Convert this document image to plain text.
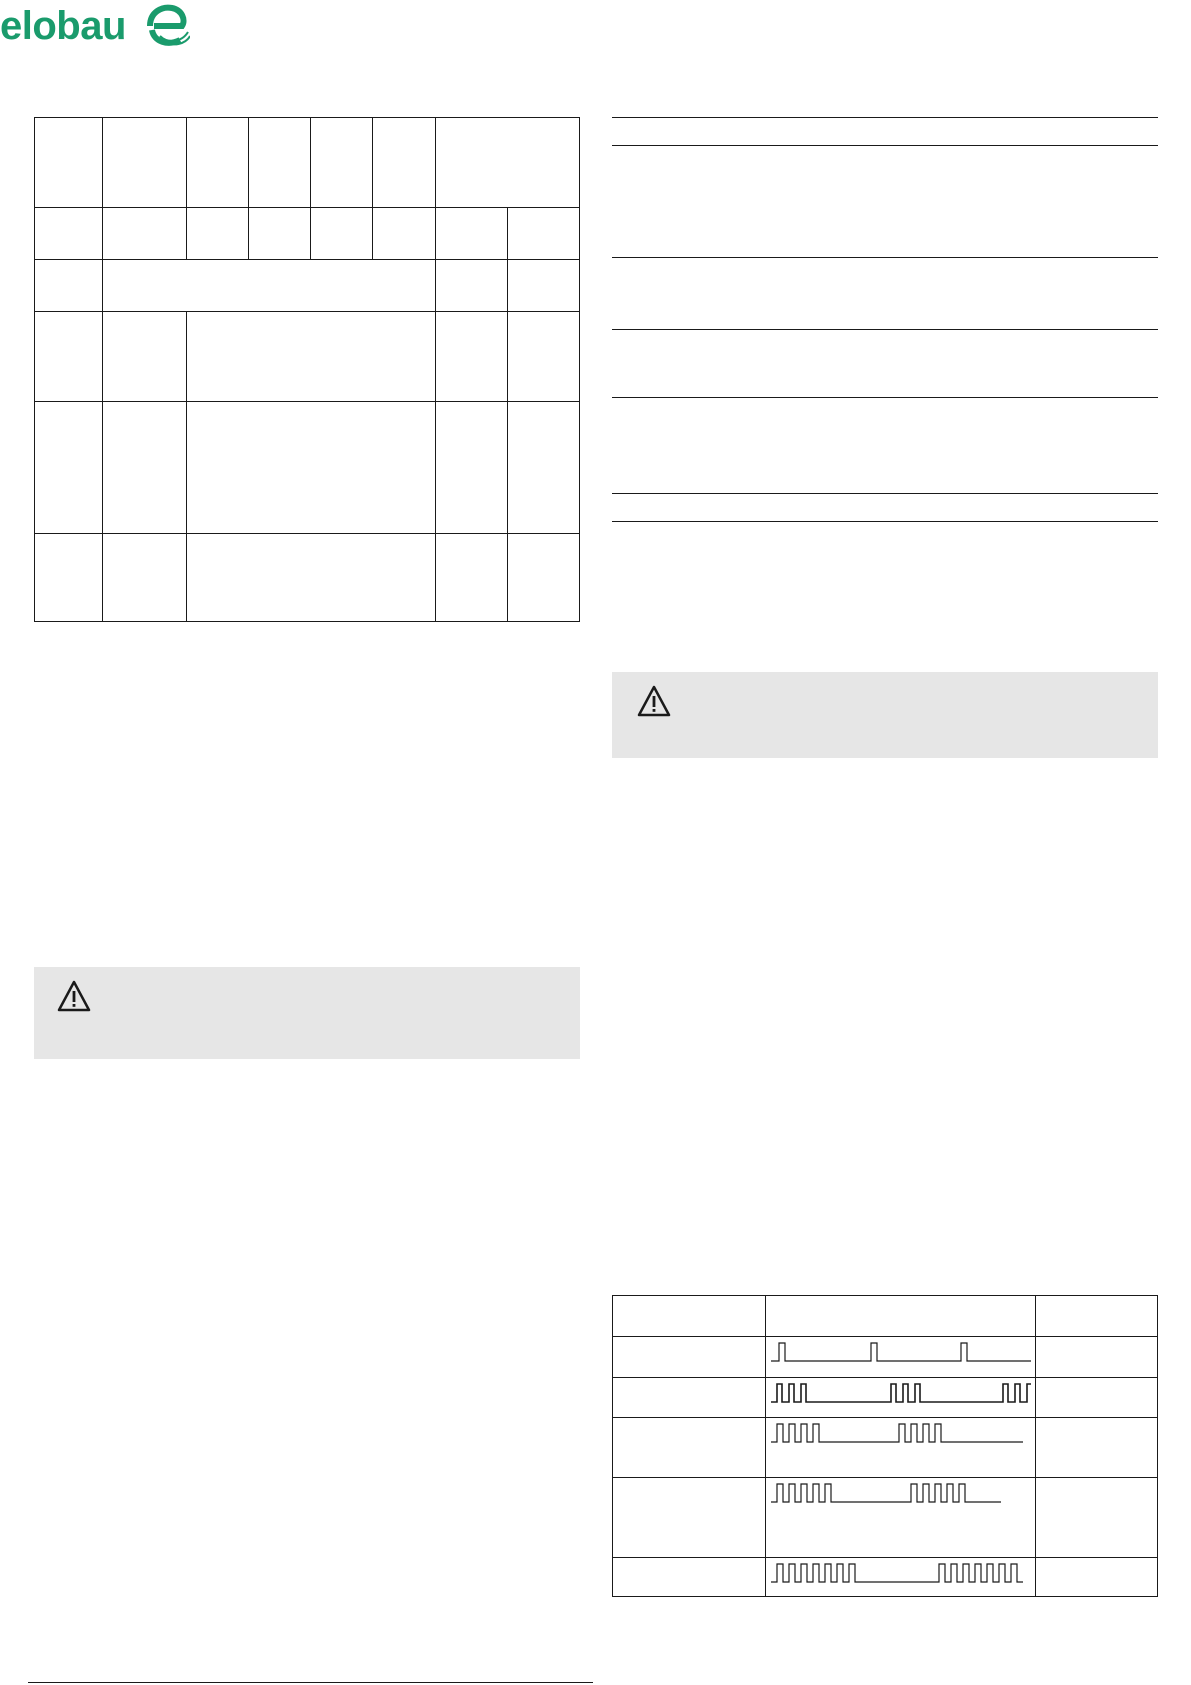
elobau
